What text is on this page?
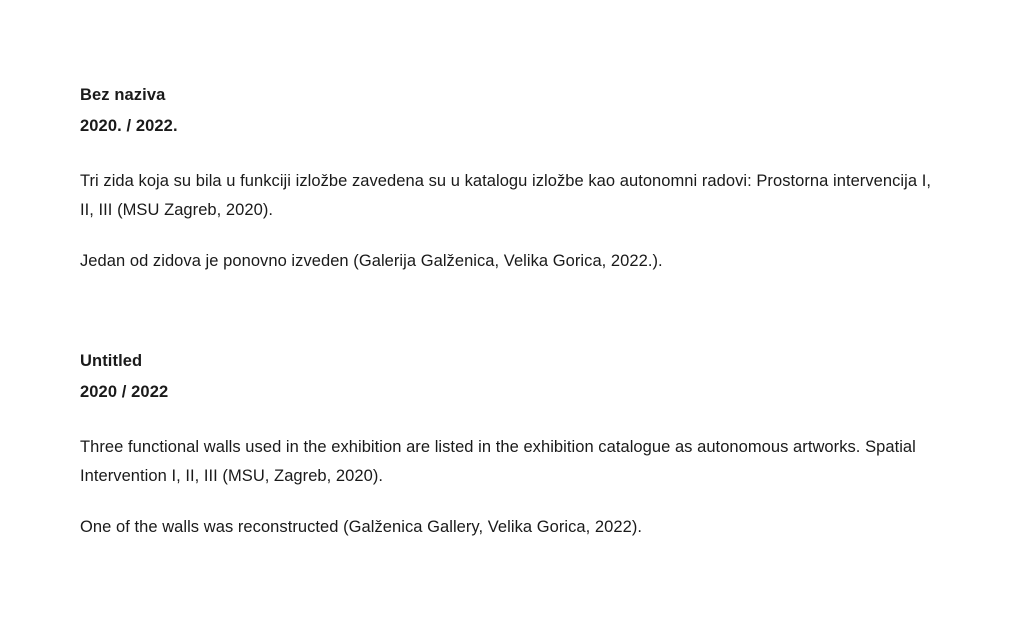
Bez naziva

2020. / 2022.

Tri zida koja su bila u funkciji izložbe zavedena su u katalogu izložbe kao autonomni radovi: Prostorna intervencija I, II, III (MSU Zagreb, 2020).

Jedan od zidova je ponovno izveden (Galerija Galženica, Velika Gorica, 2022.).

Untitled

2020 / 2022

Three functional walls used in the exhibition are listed in the exhibition catalogue as autonomous artworks. Spatial Intervention I, II, III (MSU, Zagreb, 2020).

One of the walls was reconstructed (Galženica Gallery, Velika Gorica, 2022).
